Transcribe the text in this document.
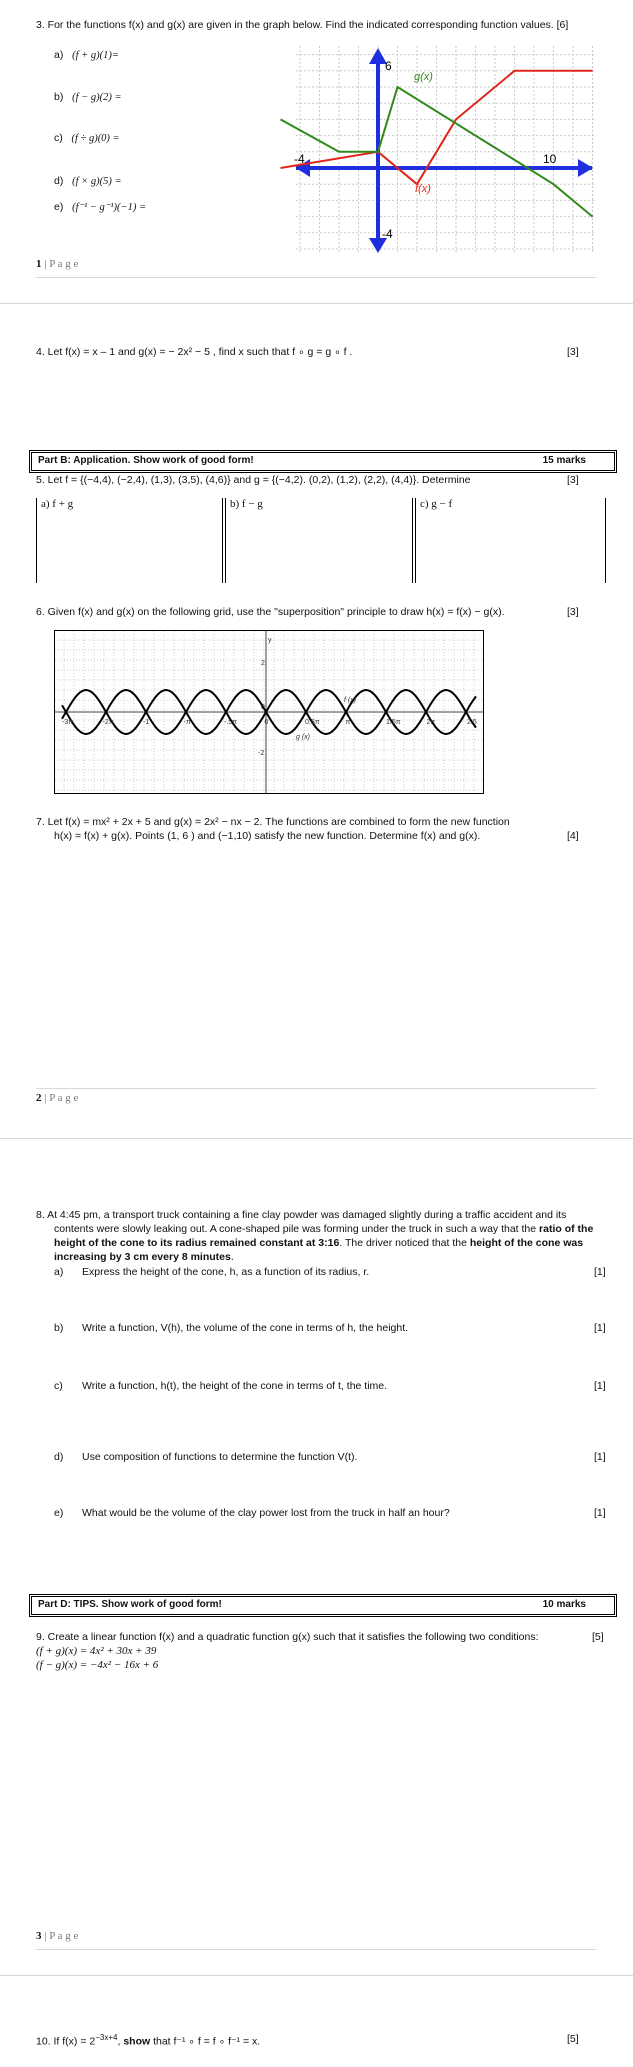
3. For the functions f(x) and g(x) are given in the graph below. Find the indicated corresponding function values. [6]
a) (f + g)(1)=
b) (f − g)(2) =
c) (f ÷ g)(0) =
d) (f × g)(5) =
e) (f⁻¹ − g⁻¹)(−1) =
6
-4
-4	10
g(x)
f(x)
1 | P a g e
4. Let f(x) = x – 1 and g(x) = − 2x² − 5 , find x such that f ∘ g = g ∘ f .	[3]
Part B: Application. Show work of good form!	15 marks
5. Let f = {(−4,4), (−2,4), (1,3), (3,5), (4,6)} and g = {(−4,2). (0,2), (1,2), (2,2), (4,4)}. Determine	[3]
a) f + g	b) f − g	c) g − f
6. Given f(x) and g(x) on the following grid, use the "superposition" principle to draw h(x) = f(x) − g(x).	[3]
-3π	-2π	-1	-π	-.5π	0	0.5π	π	1.5π	2π	2.5
y
2
0
-2
f (x)
g (x)
7. Let f(x) = mx² + 2x + 5 and g(x) = 2x² − nx − 2. The functions are combined to form the new function
h(x) = f(x) + g(x). Points (1, 6 ) and (−1,10) satisfy the new function. Determine f(x) and g(x).	[4]
2 | P a g e
8. At 4:45 pm, a transport truck containing a fine clay powder was damaged slightly during a traffic accident and its
contents were slowly leaking out. A cone-shaped pile was forming under the truck in such a way that the ratio of the
height of the cone to its radius remained constant at 3:16. The driver noticed that the height of the cone was
increasing by 3 cm every 8 minutes.
a) Express the height of the cone, h, as a function of its radius, r.	[1]
b) Write a function, V(h), the volume of the cone in terms of h, the height.	[1]
c) Write a function, h(t), the height of the cone in terms of t, the time.	[1]
d) Use composition of functions to determine the function V(t).	[1]
e) What would be the volume of the clay power lost from the truck in half an hour?	[1]
Part D: TIPS. Show work of good form!	10 marks
9. Create a linear function f(x) and a quadratic function g(x) such that it satisfies the following two conditions:	[5]
(f + g)(x) = 4x² + 30x + 39
(f − g)(x) = −4x² − 16x + 6
3 | P a g e
10. If $f(x) = 2^{-3x+4}$, show that f⁻¹ ∘ f = f ∘ f⁻¹ = x.	[5]
